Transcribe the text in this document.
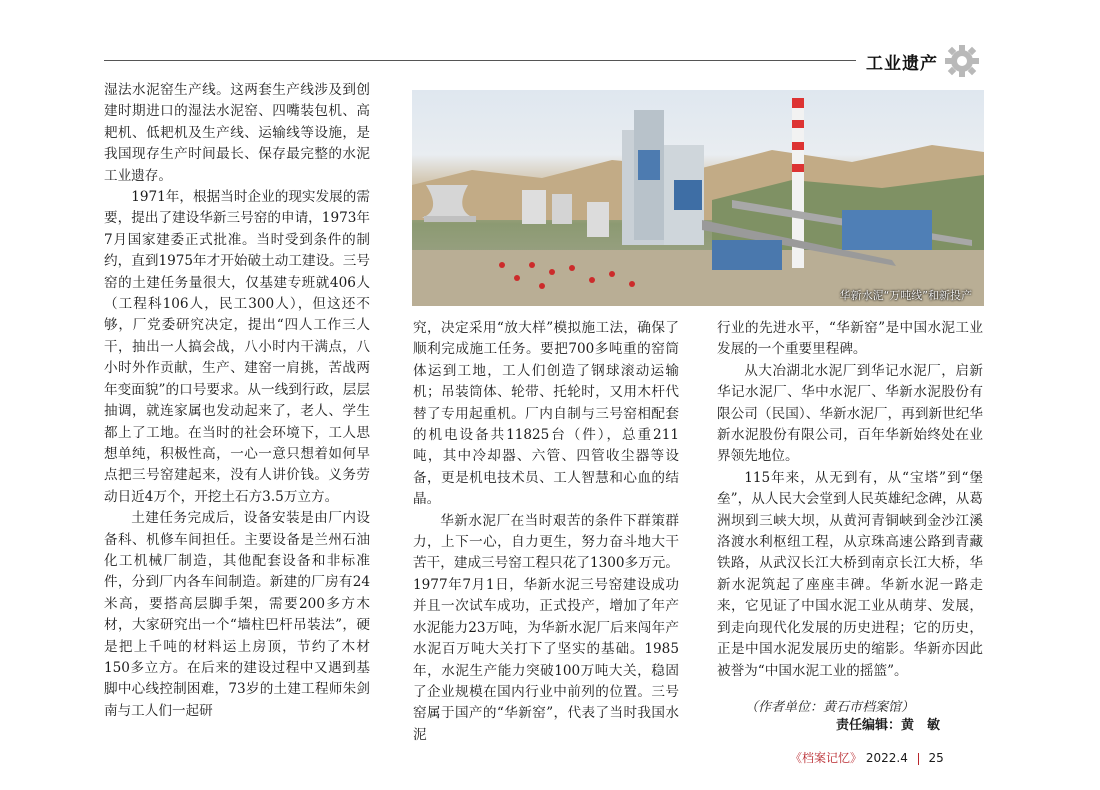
工业遗产

湿法水泥窑生产线。这两套生产线涉及到创建时期进口的湿法水泥窑、四嘴装包机、高耙机、低耙机及生产线、运输线等设施，是我国现存生产时间最长、保存最完整的水泥工业遗存。

1971年，根据当时企业的现实发展的需要，提出了建设华新三号窑的申请，1973年7月国家建委正式批准。当时受到条件的制约，直到1975年才开始破土动工建设。三号窑的土建任务量很大，仅基建专班就406人（工程科106人，民工300人），但这还不够，厂党委研究决定，提出“四人工作三人干，抽出一人搞会战，八小时内干满点，八小时外作贡献，生产、建窑一肩挑，苦战两年变面貌”的口号要求。从一线到行政，层层抽调，就连家属也发动起来了，老人、学生都上了工地。在当时的社会环境下，工人思想单纯，积极性高，一心一意只想着如何早点把三号窑建起来，没有人讲价钱。义务劳动日近4万个，开挖土石方3.5万立方。

土建任务完成后，设备安装是由厂内设备科、机修车间担任。主要设备是兰州石油化工机械厂制造，其他配套设备和非标准件，分到厂内各车间制造。新建的厂房有24米高，要搭高层脚手架，需要200多方木材，大家研究出一个“墙柱巴杆吊装法”，硬是把上千吨的材料运上房顶，节约了木材150多立方。在后来的建设过程中又遇到基脚中心线控制困难，73岁的土建工程师朱剑南与工人们一起研

华新水泥“万吨线”和新投产

究，决定采用“放大样”模拟施工法，确保了顺利完成施工任务。要把700多吨重的窑筒体运到工地，工人们创造了钢球滚动运输机；吊装筒体、轮带、托轮时，又用木杆代替了专用起重机。厂内自制与三号窑相配套的机电设备共11825台（件），总重211吨，其中冷却器、六管、四管收尘器等设备，更是机电技术员、工人智慧和心血的结晶。

华新水泥厂在当时艰苦的条件下群策群力，上下一心，自力更生，努力奋斗地大干苦干，建成三号窑工程只花了1300多万元。1977年7月1日，华新水泥三号窑建设成功并且一次试车成功，正式投产，增加了年产水泥能力23万吨，为华新水泥厂后来闯年产水泥百万吨大关打下了坚实的基础。1985年，水泥生产能力突破100万吨大关，稳固了企业规模在国内行业中前列的位置。三号窑属于国产的“华新窑”，代表了当时我国水泥

行业的先进水平，“华新窑”是中国水泥工业发展的一个重要里程碑。

从大冶湖北水泥厂到华记水泥厂，启新华记水泥厂、华中水泥厂、华新水泥股份有限公司（民国）、华新水泥厂，再到新世纪华新水泥股份有限公司，百年华新始终处在业界领先地位。

115年来，从无到有，从“宝塔”到“堡垒”，从人民大会堂到人民英雄纪念碑，从葛洲坝到三峡大坝，从黄河青铜峡到金沙江溪洛渡水利枢纽工程，从京珠高速公路到青藏铁路，从武汉长江大桥到南京长江大桥，华新水泥筑起了座座丰碑。华新水泥一路走来，它见证了中国水泥工业从萌芽、发展，到走向现代化发展的历史进程；它的历史，正是中国水泥发展历史的缩影。华新亦因此被誉为“中国水泥工业的摇篮”。

（作者单位：黄石市档案馆）
责任编辑：黄　敏
《档案记忆》 2022.4 25
